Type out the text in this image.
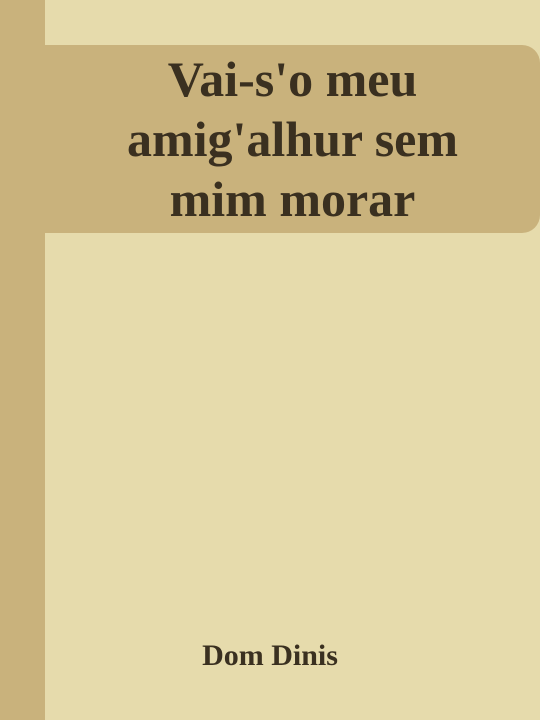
Vai-s'o meu amig'alhur sem mim morar

Dom Dinis
